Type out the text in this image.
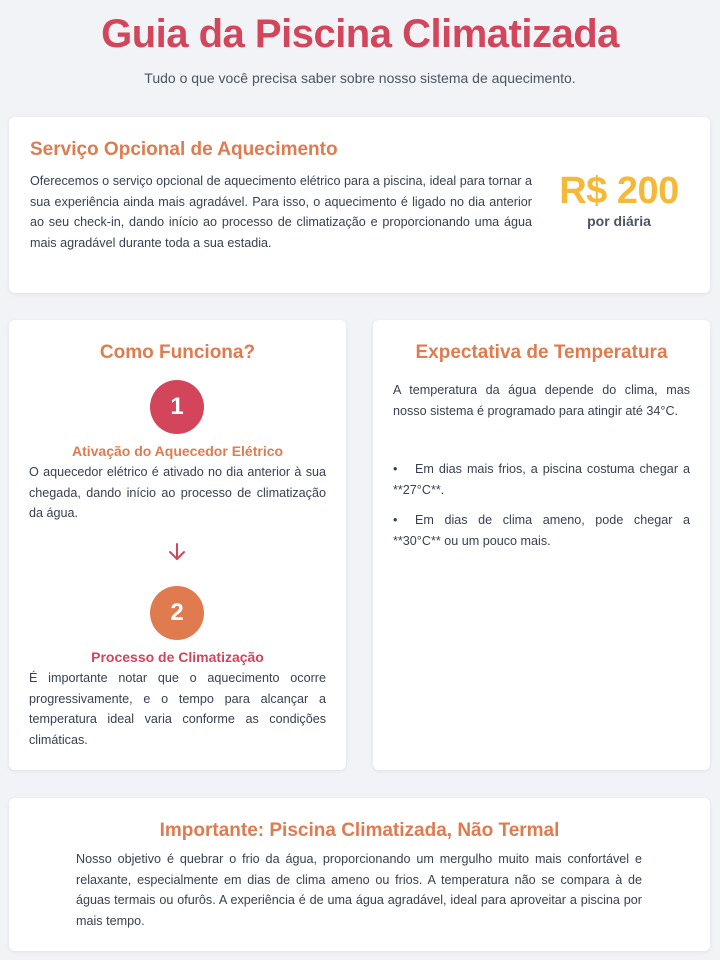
Guia da Piscina Climatizada

Tudo o que você precisa saber sobre nosso sistema de aquecimento.

Serviço Opcional de Aquecimento

Oferecemos o serviço opcional de aquecimento elétrico para a piscina, ideal para tornar a sua experiência ainda mais agradável. Para isso, o aquecimento é ligado no dia anterior ao seu check-in, dando início ao processo de climatização e proporcionando uma água mais agradável durante toda a sua estadia.

R$ 200
por diária
Como Funciona?
1
Ativação do Aquecedor Elétrico

O aquecedor elétrico é ativado no dia anterior à sua chegada, dando início ao processo de climatização da água.

2
Processo de Climatização

É importante notar que o aquecimento ocorre progressivamente, e o tempo para alcançar a temperatura ideal varia conforme as condições climáticas.

Expectativa de Temperatura

A temperatura da água depende do clima, mas nosso sistema é programado para atingir até 34°C.

• Em dias mais frios, a piscina costuma chegar a **27°C**.
• Em dias de clima ameno, pode chegar a **30°C** ou um pouco mais.
Importante: Piscina Climatizada, Não Termal

Nosso objetivo é quebrar o frio da água, proporcionando um mergulho muito mais confortável e relaxante, especialmente em dias de clima ameno ou frios. A temperatura não se compara à de águas termais ou ofurôs. A experiência é de uma água agradável, ideal para aproveitar a piscina por mais tempo.
